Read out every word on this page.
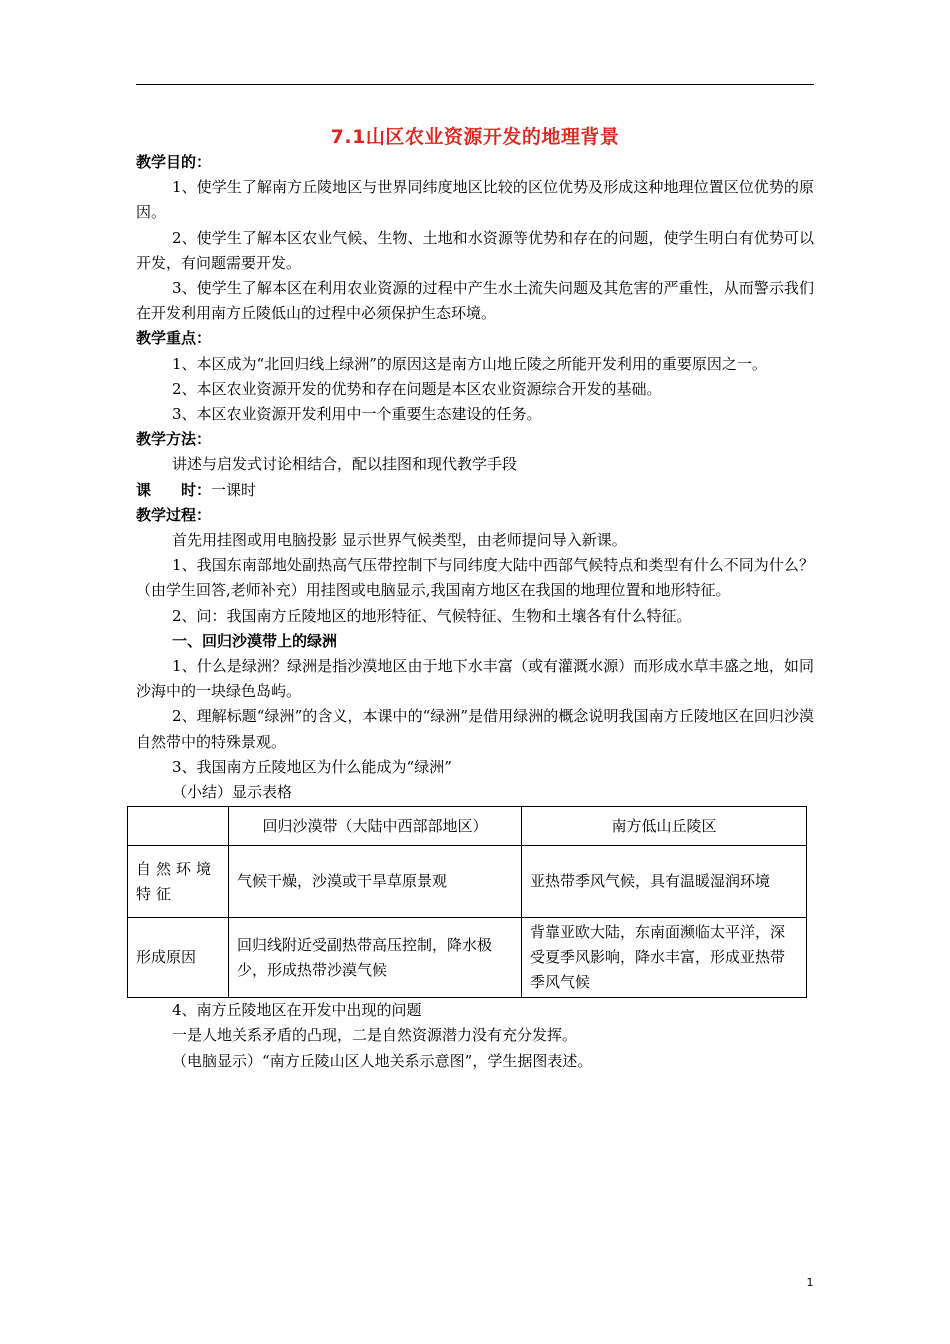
7.1山区农业资源开发的地理背景

教学目的：

1、使学生了解南方丘陵地区与世界同纬度地区比较的区位优势及形成这种地理位置区位优势的原因。

2、使学生了解本区农业气候、生物、土地和水资源等优势和存在的问题，使学生明白有优势可以开发，有问题需要开发。

3、使学生了解本区在利用农业资源的过程中产生水土流失问题及其危害的严重性，从而警示我们在开发利用南方丘陵低山的过程中必须保护生态环境。

教学重点：

1、本区成为“北回归线上绿洲”的原因这是南方山地丘陵之所能开发利用的重要原因之一。

2、本区农业资源开发的优势和存在问题是本区农业资源综合开发的基础。

3、本区农业资源开发利用中一个重要生态建设的任务。

教学方法：

讲述与启发式讨论相结合，配以挂图和现代教学手段

课　　时：一课时

教学过程：

首先用挂图或用电脑投影 显示世界气候类型，由老师提问导入新课。

1、我国东南部地处副热高气压带控制下与同纬度大陆中西部气候特点和类型有什么不同为什么？（由学生回答,老师补充）用挂图或电脑显示,我国南方地区在我国的地理位置和地形特征。

2、问：我国南方丘陵地区的地形特征、气候特征、生物和土壤各有什么特征。

一、回归沙漠带上的绿洲

1、什么是绿洲？绿洲是指沙漠地区由于地下水丰富（或有灌溉水源）而形成水草丰盛之地，如同沙海中的一块绿色岛屿。

2、理解标题“绿洲”的含义，本课中的“绿洲”是借用绿洲的概念说明我国南方丘陵地区在回归沙漠自然带中的特殊景观。

3、我国南方丘陵地区为什么能成为“绿洲”

（小结）显示表格

	回归沙漠带（大陆中西部部地区）	南方低山丘陵区
自然环境特征	气候干燥，沙漠或干旱草原景观	亚热带季风气候，具有温暖湿润环境
形成原因	回归线附近受副热带高压控制，降水极少，形成热带沙漠气候	背靠亚欧大陆，东南面濒临太平洋，深受夏季风影响，降水丰富，形成亚热带季风气候

4、南方丘陵地区在开发中出现的问题

一是人地关系矛盾的凸现，二是自然资源潜力没有充分发挥。

（电脑显示）“南方丘陵山区人地关系示意图”，学生据图表述。

1
